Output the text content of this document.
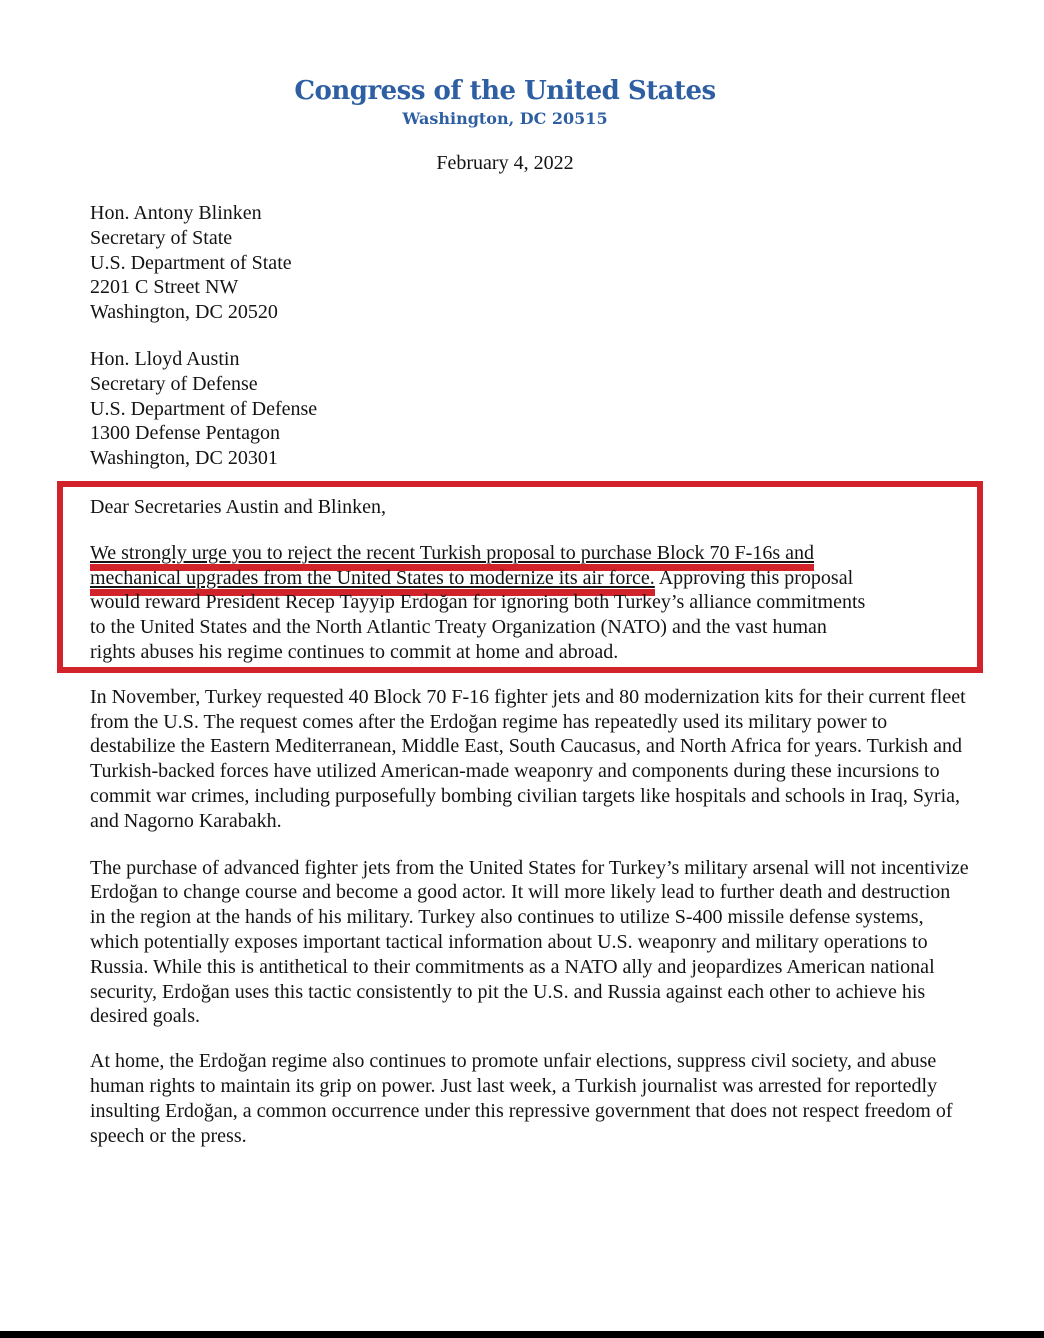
Congress of the United States
Washington, DC 20515
February 4, 2022
Hon. Antony Blinken
Secretary of State
U.S. Department of State
2201 C Street NW
Washington, DC 20520
Hon. Lloyd Austin
Secretary of Defense
U.S. Department of Defense
1300 Defense Pentagon
Washington, DC 20301
Dear Secretaries Austin and Blinken,
We strongly urge you to reject the recent Turkish proposal to purchase Block 70 F-16s and
mechanical upgrades from the United States to modernize its air force. Approving this proposal
would reward President Recep Tayyip Erdoğan for ignoring both Turkey’s alliance commitments
to the United States and the North Atlantic Treaty Organization (NATO) and the vast human
rights abuses his regime continues to commit at home and abroad.

In November, Turkey requested 40 Block 70 F-16 fighter jets and 80 modernization kits for their current fleet from the U.S. The request comes after the Erdoğan regime has repeatedly used its military power to destabilize the Eastern Mediterranean, Middle East, South Caucasus, and North Africa for years. Turkish and Turkish-backed forces have utilized American-made weaponry and components during these incursions to commit war crimes, including purposefully bombing civilian targets like hospitals and schools in Iraq, Syria, and Nagorno Karabakh.

The purchase of advanced fighter jets from the United States for Turkey’s military arsenal will not incentivize Erdoğan to change course and become a good actor. It will more likely lead to further death and destruction in the region at the hands of his military. Turkey also continues to utilize S-400 missile defense systems, which potentially exposes important tactical information about U.S. weaponry and military operations to Russia. While this is antithetical to their commitments as a NATO ally and jeopardizes American national security, Erdoğan uses this tactic consistently to pit the U.S. and Russia against each other to achieve his desired goals.

At home, the Erdoğan regime also continues to promote unfair elections, suppress civil society, and abuse human rights to maintain its grip on power. Just last week, a Turkish journalist was arrested for reportedly insulting Erdoğan, a common occurrence under this repressive government that does not respect freedom of speech or the press.
